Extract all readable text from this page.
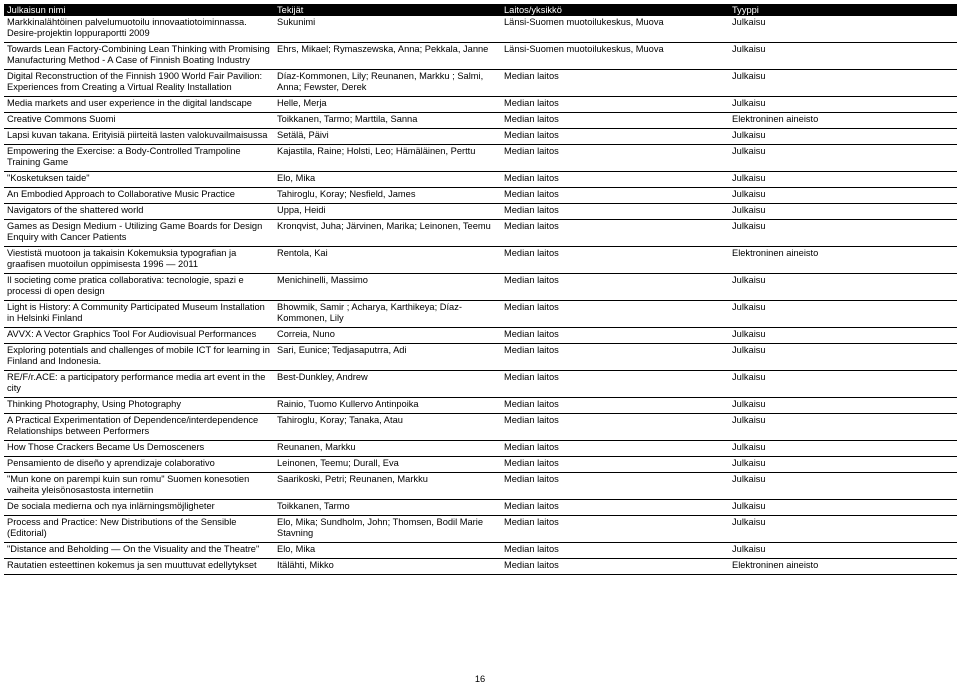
Julkaisun nimi	Tekijät	Laitos/yksikkö	Tyyppi
Markkinalähtöinen palvelumuotoilu innovaatiotoiminnassa. Desire-projektin loppuraportti 2009	Sukunimi	Länsi-Suomen muotoilukeskus, Muova	Julkaisu
Towards Lean Factory-Combining Lean Thinking with Promising Manufacturing Method - A Case of Finnish Boating Industry	Ehrs, Mikael; Rymaszewska, Anna; Pekkala, Janne	Länsi-Suomen muotoilukeskus, Muova	Julkaisu
Digital Reconstruction of the Finnish 1900 World Fair Pavilion: Experiences from Creating a Virtual Reality Installation	Díaz-Kommonen, Lily; Reunanen, Markku ; Salmi, Anna; Fewster, Derek	Median laitos	Julkaisu
Media markets and user experience in the digital landscape	Helle, Merja	Median laitos	Julkaisu
Creative Commons Suomi	Toikkanen, Tarmo; Marttila, Sanna	Median laitos	Elektroninen aineisto
Lapsi kuvan takana. Erityisiä piirteitä lasten valokuvailmaisussa	Setälä, Päivi	Median laitos	Julkaisu
Empowering the Exercise: a Body-Controlled Trampoline Training Game	Kajastila, Raine; Holsti, Leo; Hämäläinen, Perttu	Median laitos	Julkaisu
"Kosketuksen taide"	Elo, Mika	Median laitos	Julkaisu
An Embodied Approach to Collaborative Music Practice	Tahiroglu, Koray; Nesfield, James	Median laitos	Julkaisu
Navigators of the shattered world	Uppa, Heidi	Median laitos	Julkaisu
Games as Design Medium - Utilizing Game Boards for Design Enquiry with Cancer Patients	Kronqvist, Juha; Järvinen, Marika; Leinonen, Teemu	Median laitos	Julkaisu
Viestistä muotoon ja takaisin Kokemuksia typografian ja graafisen muotoilun oppimisesta 1996 — 2011	Rentola, Kai	Median laitos	Elektroninen aineisto
Il societing come pratica collaborativa: tecnologie, spazi e processi di open design	Menichinelli, Massimo	Median laitos	Julkaisu
Light is History: A Community Participated Museum Installation in Helsinki Finland	Bhowmik, Samir ; Acharya, Karthikeya; Díaz-Kommonen, Lily	Median laitos	Julkaisu
AVVX: A Vector Graphics Tool For Audiovisual Performances	Correia, Nuno	Median laitos	Julkaisu
Exploring potentials and challenges of mobile ICT for learning in Finland and Indonesia.	Sari, Eunice; Tedjasaputrra, Adi	Median laitos	Julkaisu
RE/F/r.ACE: a participatory performance media art event in the city	Best-Dunkley, Andrew	Median laitos	Julkaisu
Thinking Photography, Using Photography	Rainio, Tuomo Kullervo Antinpoika	Median laitos	Julkaisu
A Practical Experimentation of Dependence/interdependence Relationships between Performers	Tahiroglu, Koray; Tanaka, Atau	Median laitos	Julkaisu
How Those Crackers Became Us Demosceners	Reunanen, Markku	Median laitos	Julkaisu
Pensamiento de diseño y aprendizaje colaborativo	Leinonen, Teemu; Durall, Eva	Median laitos	Julkaisu
"Mun kone on parempi kuin sun romu" Suomen konesotien vaiheita yleisönosastosta internetiin	Saarikoski, Petri; Reunanen, Markku	Median laitos	Julkaisu
De sociala medierna och nya inlärningsmöjligheter	Toikkanen, Tarmo	Median laitos	Julkaisu
Process and Practice: New Distributions of the Sensible (Editorial)	Elo, Mika; Sundholm, John; Thomsen, Bodil Marie Stavning	Median laitos	Julkaisu
"Distance and Beholding — On the Visuality and the Theatre"	Elo, Mika	Median laitos	Julkaisu
Rautatien esteettinen kokemus ja sen muuttuvat edellytykset	Itälähti, Mikko	Median laitos	Elektroninen aineisto
16
